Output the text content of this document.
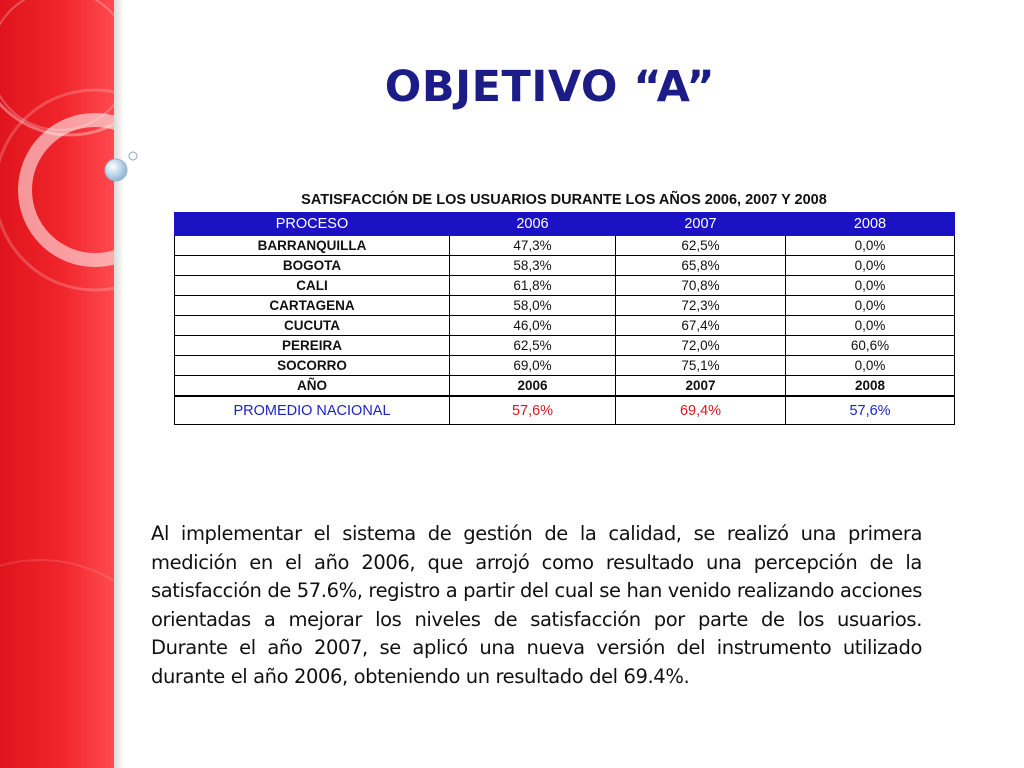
OBJETIVO “A”
SATISFACCIÓN DE LOS USUARIOS DURANTE LOS AÑOS 2006, 2007 Y 2008
PROCESO	2006	2007	2008
BARRANQUILLA	47,3%	62,5%	0,0%
BOGOTA	58,3%	65,8%	0,0%
CALI	61,8%	70,8%	0,0%
CARTAGENA	58,0%	72,3%	0,0%
CUCUTA	46,0%	67,4%	0,0%
PEREIRA	62,5%	72,0%	60,6%
SOCORRO	69,0%	75,1%	0,0%
AÑO	2006	2007	2008
PROMEDIO NACIONAL	57,6%	69,4%	57,6%

Al implementar el sistema de gestión de la calidad, se realizó una primera medición en el año 2006, que arrojó como resultado una percepción de la satisfacción de 57.6%, registro a partir del cual se han venido realizando acciones orientadas a mejorar los niveles de satisfacción por parte de los usuarios. Durante el año 2007, se aplicó una nueva versión del instrumento utilizado durante el año 2006, obteniendo un resultado del 69.4%.
